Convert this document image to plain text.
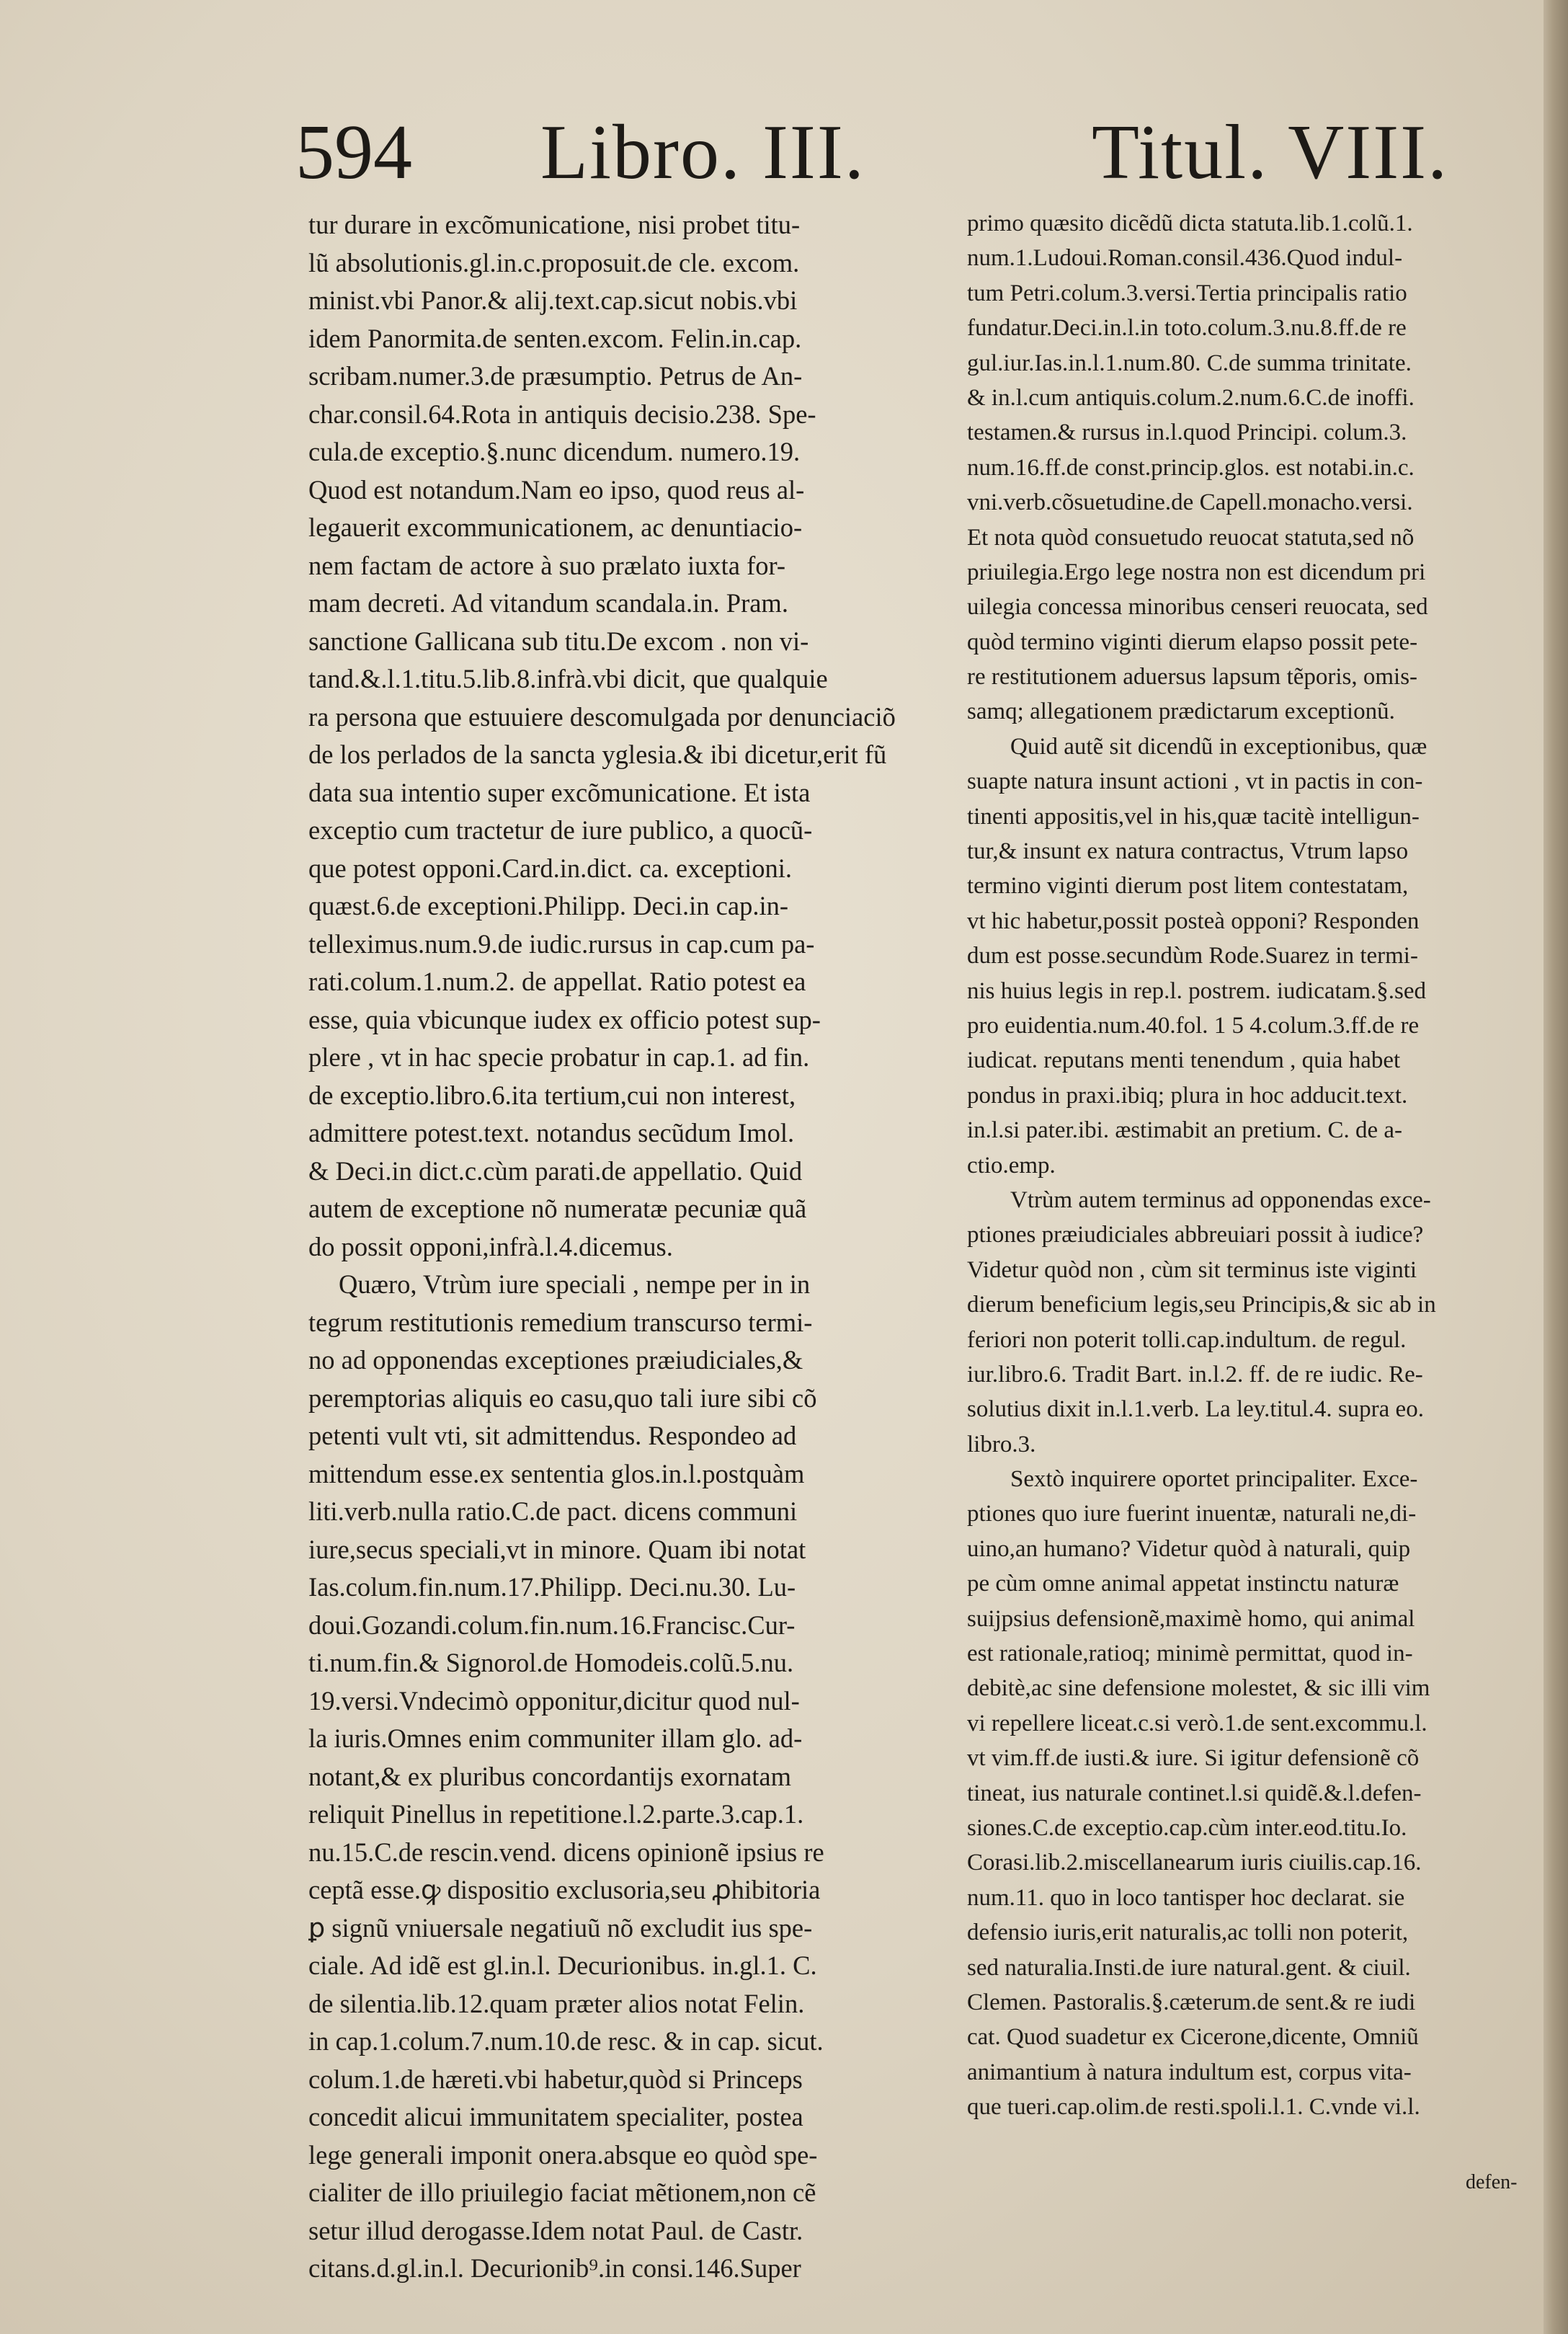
594 Libro. III.	Titul. VIII.
tur durare in excõmunicatione, nisi probet titu-
lũ absolutionis.gl.in.c.proposuit.de cle. excom.
minist.vbi Panor.& alij.text.cap.sicut nobis.vbi
idem Panormita.de senten.excom. Felin.in.cap.
scribam.numer.3.de præsumptio. Petrus de An-
char.consil.64.Rota in antiquis decisio.238. Spe-
cula.de exceptio.§.nunc dicendum. numero.19.
Quod est notandum.Nam eo ipso, quod reus al-
legauerit excommunicationem, ac denuntiacio-
nem factam de actore à suo prælato iuxta for-
mam decreti. Ad vitandum scandala.in. Pram.
sanctione Gallicana sub titu.De excom . non vi-
tand.&.l.1.titu.5.lib.8.infrà.vbi dicit, que qualquie
ra persona que estuuiere descomulgada por denunciaciõ
de los perlados de la sancta yglesia.& ibi dicetur,erit fũ
data sua intentio super excõmunicatione. Et ista
exceptio cum tractetur de iure publico, a quocũ-
que potest opponi.Card.in.dict. ca. exceptioni.
quæst.6.de exceptioni.Philipp. Deci.in cap.in-
telleximus.num.9.de iudic.rursus in cap.cum pa-
rati.colum.1.num.2. de appellat. Ratio potest ea
esse, quia vbicunque iudex ex officio potest sup-
plere , vt in hac specie probatur in cap.1. ad fin.
de exceptio.libro.6.ita tertium,cui non interest,
admittere potest.text. notandus secũdum Imol.
& Deci.in dict.c.cùm parati.de appellatio. Quid
autem de exceptione nõ numeratæ pecuniæ quã
do possit opponi,infrà.l.4.dicemus.
Quæro, Vtrùm iure speciali , nempe per in in
tegrum restitutionis remedium transcurso termi-
no ad opponendas exceptiones præiudiciales,&
peremptorias aliquis eo casu,quo tali iure sibi cõ
petenti vult vti, sit admittendus. Respondeo ad
mittendum esse.ex sententia glos.in.l.postquàm
liti.verb.nulla ratio.C.de pact. dicens communi
iure,secus speciali,vt in minore. Quam ibi notat
Ias.colum.fin.num.17.Philipp. Deci.nu.30. Lu-
doui.Gozandi.colum.fin.num.16.Francisc.Cur-
ti.num.fin.& Signorol.de Homodeis.colũ.5.nu.
19.versi.Vndecimò opponitur,dicitur quod nul-
la iuris.Omnes enim communiter illam glo. ad-
notant,& ex pluribus concordantijs exornatam
reliquit Pinellus in repetitione.l.2.parte.3.cap.1.
nu.15.C.de rescin.vend. dicens opinionẽ ipsius re
ceptã esse.ꝙ dispositio exclusoria,seu ꝓhibitoria
ꝑ signũ vniuersale negatiuũ nõ excludit ius spe-
ciale. Ad idẽ est gl.in.l. Decurionibus. in.gl.1. C.
de silentia.lib.12.quam præter alios notat Felin.
in cap.1.colum.7.num.10.de resc. & in cap. sicut.
colum.1.de hæreti.vbi habetur,quòd si Princeps
concedit alicui immunitatem specialiter, postea
lege generali imponit onera.absque eo quòd spe-
cialiter de illo priuilegio faciat mẽtionem,non cẽ
setur illud derogasse.Idem notat Paul. de Castr.
citans.d.gl.in.l. Decurionib⁹.in consi.146.Super
primo quæsito dicẽdũ dicta statuta.lib.1.colũ.1.
num.1.Ludoui.Roman.consil.436.Quod indul-
tum Petri.colum.3.versi.Tertia principalis ratio
fundatur.Deci.in.l.in toto.colum.3.nu.8.ff.de re
gul.iur.Ias.in.l.1.num.80. C.de summa trinitate.
& in.l.cum antiquis.colum.2.num.6.C.de inoffi.
testamen.& rursus in.l.quod Principi. colum.3.
num.16.ff.de const.princip.glos. est notabi.in.c.
vni.verb.cõsuetudine.de Capell.monacho.versi.
Et nota quòd consuetudo reuocat statuta,sed nõ
priuilegia.Ergo lege nostra non est dicendum pri
uilegia concessa minoribus censeri reuocata, sed
quòd termino viginti dierum elapso possit pete-
re restitutionem aduersus lapsum tẽporis, omis-
samq; allegationem prædictarum exceptionũ.
Quid autẽ sit dicendũ in exceptionibus, quæ
suapte natura insunt actioni , vt in pactis in con-
tinenti appositis,vel in his,quæ tacitè intelligun-
tur,& insunt ex natura contractus, Vtrum lapso
termino viginti dierum post litem contestatam,
vt hic habetur,possit posteà opponi? Responden
dum est posse.secundùm Rode.Suarez in termi-
nis huius legis in rep.l. postrem. iudicatam.§.sed
pro euidentia.num.40.fol. 1 5 4.colum.3.ff.de re
iudicat. reputans menti tenendum , quia habet
pondus in praxi.ibiq; plura in hoc adducit.text.
in.l.si pater.ibi. æstimabit an pretium. C. de a-
ctio.emp.
Vtrùm autem terminus ad opponendas exce-
ptiones præiudiciales abbreuiari possit à iudice?
Videtur quòd non , cùm sit terminus iste viginti
dierum beneficium legis,seu Principis,& sic ab in
feriori non poterit tolli.cap.indultum. de regul.
iur.libro.6. Tradit Bart. in.l.2. ff. de re iudic. Re-
solutius dixit in.l.1.verb. La ley.titul.4. supra eo.
libro.3.
Sextò inquirere oportet principaliter. Exce-
ptiones quo iure fuerint inuentæ, naturali ne,di-
uino,an humano? Videtur quòd à naturali, quip
pe cùm omne animal appetat instinctu naturæ
suijpsius defensionẽ,maximè homo, qui animal
est rationale,ratioq; minimè permittat, quod in-
debitè,ac sine defensione molestet, & sic illi vim
vi repellere liceat.c.si verò.1.de sent.excommu.l.
vt vim.ff.de iusti.& iure. Si igitur defensionẽ cõ
tineat, ius naturale continet.l.si quidẽ.&.l.defen-
siones.C.de exceptio.cap.cùm inter.eod.titu.Io.
Corasi.lib.2.miscellanearum iuris ciuilis.cap.16.
num.11. quo in loco tantisper hoc declarat. sie
defensio iuris,erit naturalis,ac tolli non poterit,
sed naturalia.Insti.de iure natural.gent. & ciuil.
Clemen. Pastoralis.§.cæterum.de sent.& re iudi
cat. Quod suadetur ex Cicerone,dicente, Omniũ
animantium à natura indultum est, corpus vita-
que tueri.cap.olim.de resti.spoli.l.1. C.vnde vi.l.
defen-
